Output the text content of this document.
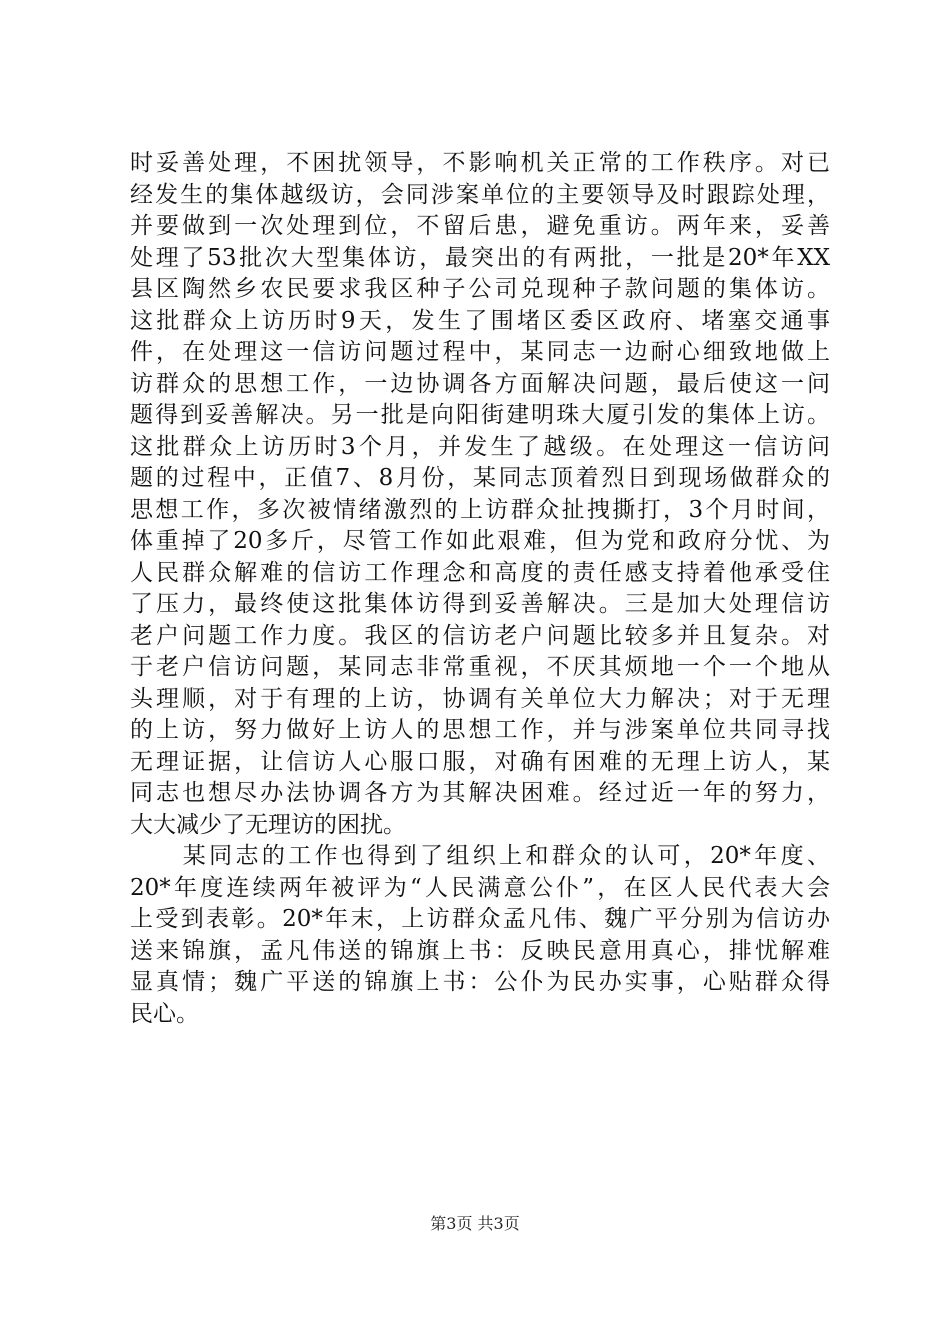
时妥善处理，不困扰领导，不影响机关正常的工作秩序。对已
经发生的集体越级访，会同涉案单位的主要领导及时跟踪处理，
并要做到一次处理到位，不留后患，避免重访。两年来，妥善
处理了53批次大型集体访，最突出的有两批，一批是20*年XX
县区陶然乡农民要求我区种子公司兑现种子款问题的集体访。
这批群众上访历时9天，发生了围堵区委区政府、堵塞交通事
件，在处理这一信访问题过程中，某同志一边耐心细致地做上
访群众的思想工作，一边协调各方面解决问题，最后使这一问
题得到妥善解决。另一批是向阳街建明珠大厦引发的集体上访。
这批群众上访历时3个月，并发生了越级。在处理这一信访问
题的过程中，正值7、8月份，某同志顶着烈日到现场做群众的
思想工作，多次被情绪激烈的上访群众扯拽撕打，3个月时间，
体重掉了20多斤，尽管工作如此艰难，但为党和政府分忧、为
人民群众解难的信访工作理念和高度的责任感支持着他承受住
了压力，最终使这批集体访得到妥善解决。三是加大处理信访
老户问题工作力度。我区的信访老户问题比较多并且复杂。对
于老户信访问题，某同志非常重视，不厌其烦地一个一个地从
头理顺，对于有理的上访，协调有关单位大力解决；对于无理
的上访，努力做好上访人的思想工作，并与涉案单位共同寻找
无理证据，让信访人心服口服，对确有困难的无理上访人，某
同志也想尽办法协调各方为其解决困难。经过近一年的努力，
大大减少了无理访的困扰。
　　某同志的工作也得到了组织上和群众的认可，20*年度、
20*年度连续两年被评为“人民满意公仆”，在区人民代表大会
上受到表彰。20*年末，上访群众孟凡伟、魏广平分别为信访办
送来锦旗，孟凡伟送的锦旗上书：反映民意用真心，排忧解难
显真情；魏广平送的锦旗上书：公仆为民办实事，心贴群众得
民心。
第3页 共3页
